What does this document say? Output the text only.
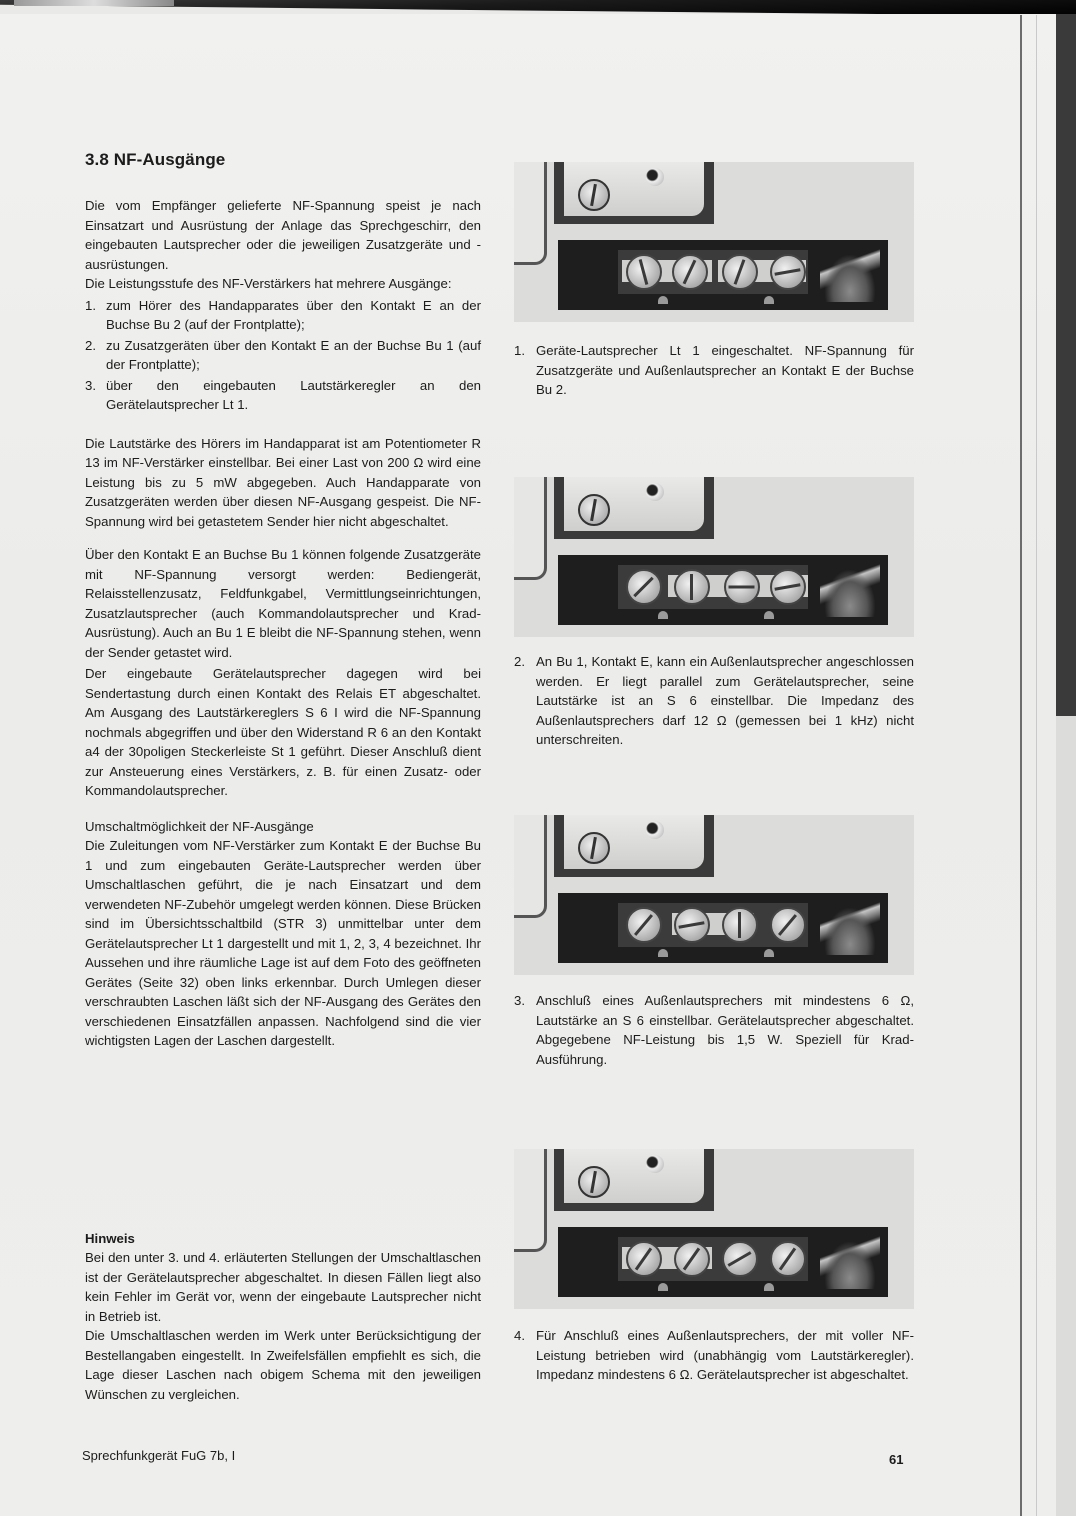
3.8 NF-Ausgänge

Die vom Empfänger gelieferte NF-Spannung speist je nach Einsatzart und Ausrüstung der Anlage das Sprechgeschirr, den eingebauten Lautsprecher oder die jeweiligen Zusatzgeräte und -ausrüstungen.

Die Leistungsstufe des NF-Verstärkers hat mehrere Ausgänge:

1. zum Hörer des Handapparates über den Kontakt E an der Buchse Bu 2 (auf der Frontplatte);
2. zu Zusatzgeräten über den Kontakt E an der Buchse Bu 1 (auf der Frontplatte);
3. über den eingebauten Lautstärkeregler an den Gerätelautsprecher Lt 1.

Die Lautstärke des Hörers im Handapparat ist am Potentiometer R 13 im NF-Verstärker einstellbar. Bei einer Last von 200 Ω wird eine Leistung bis zu 5 mW abgegeben. Auch Handapparate von Zusatzgeräten werden über diesen NF-Ausgang gespeist. Die NF-Spannung wird bei getastetem Sender hier nicht abgeschaltet.

Über den Kontakt E an Buchse Bu 1 können folgende Zusatzgeräte mit NF-Spannung versorgt werden: Bediengerät, Relaisstellenzusatz, Feldfunkgabel, Vermittlungseinrichtungen, Zusatzlautsprecher (auch Kommandolautsprecher und Krad-Ausrüstung). Auch an Bu 1 E bleibt die NF-Spannung stehen, wenn der Sender getastet wird.

Der eingebaute Gerätelautsprecher dagegen wird bei Sendertastung durch einen Kontakt des Relais ET abgeschaltet. Am Ausgang des Lautstärkereglers S 6 I wird die NF-Spannung nochmals abgegriffen und über den Widerstand R 6 an den Kontakt a4 der 30poligen Steckerleiste St 1 geführt. Dieser Anschluß dient zur Ansteuerung eines Verstärkers, z. B. für einen Zusatz- oder Kommandolautsprecher.

Umschaltmöglichkeit der NF-Ausgänge

Die Zuleitungen vom NF-Verstärker zum Kontakt E der Buchse Bu 1 und zum eingebauten Geräte-Lautsprecher werden über Umschaltlaschen geführt, die je nach Einsatzart und dem verwendeten NF-Zubehör umgelegt werden können. Diese Brücken sind im Übersichtsschaltbild (STR 3) unmittelbar unter dem Gerätelautsprecher Lt 1 dargestellt und mit 1, 2, 3, 4 bezeichnet. Ihr Aussehen und ihre räumliche Lage ist auf dem Foto des geöffneten Gerätes (Seite 32) oben links erkennbar. Durch Umlegen dieser verschraubten Laschen läßt sich der NF-Ausgang des Gerätes den verschiedenen Einsatzfällen anpassen. Nachfolgend sind die vier wichtigsten Lagen der Laschen dargestellt.

Hinweis

Bei den unter 3. und 4. erläuterten Stellungen der Umschaltlaschen ist der Gerätelautsprecher abgeschaltet. In diesen Fällen liegt also kein Fehler im Gerät vor, wenn der eingebaute Lautsprecher nicht in Betrieb ist.

Die Umschaltlaschen werden im Werk unter Berücksichtigung der Bestellangaben eingestellt. In Zweifelsfällen empfiehlt es sich, die Lage dieser Laschen nach obigem Schema mit den jeweiligen Wünschen zu vergleichen.

1. Geräte-Lautsprecher Lt 1 eingeschaltet. NF-Spannung für Zusatzgeräte und Außenlautsprecher an Kontakt E der Buchse Bu 2.

2. An Bu 1, Kontakt E, kann ein Außenlautsprecher angeschlossen werden. Er liegt parallel zum Gerätelautsprecher, seine Lautstärke ist an S 6 einstellbar. Die Impedanz des Außenlautsprechers darf 12 Ω (gemessen bei 1 kHz) nicht unterschreiten.

3. Anschluß eines Außenlautsprechers mit mindestens 6 Ω, Lautstärke an S 6 einstellbar. Gerätelautsprecher abgeschaltet. Abgegebene NF-Leistung bis 1,5 W. Speziell für Krad-Ausführung.

4. Für Anschluß eines Außenlautsprechers, der mit voller NF-Leistung betrieben wird (unabhängig vom Lautstärkeregler). Impedanz mindestens 6 Ω. Gerätelautsprecher ist abgeschaltet.

Sprechfunkgerät FuG 7b, I	61
